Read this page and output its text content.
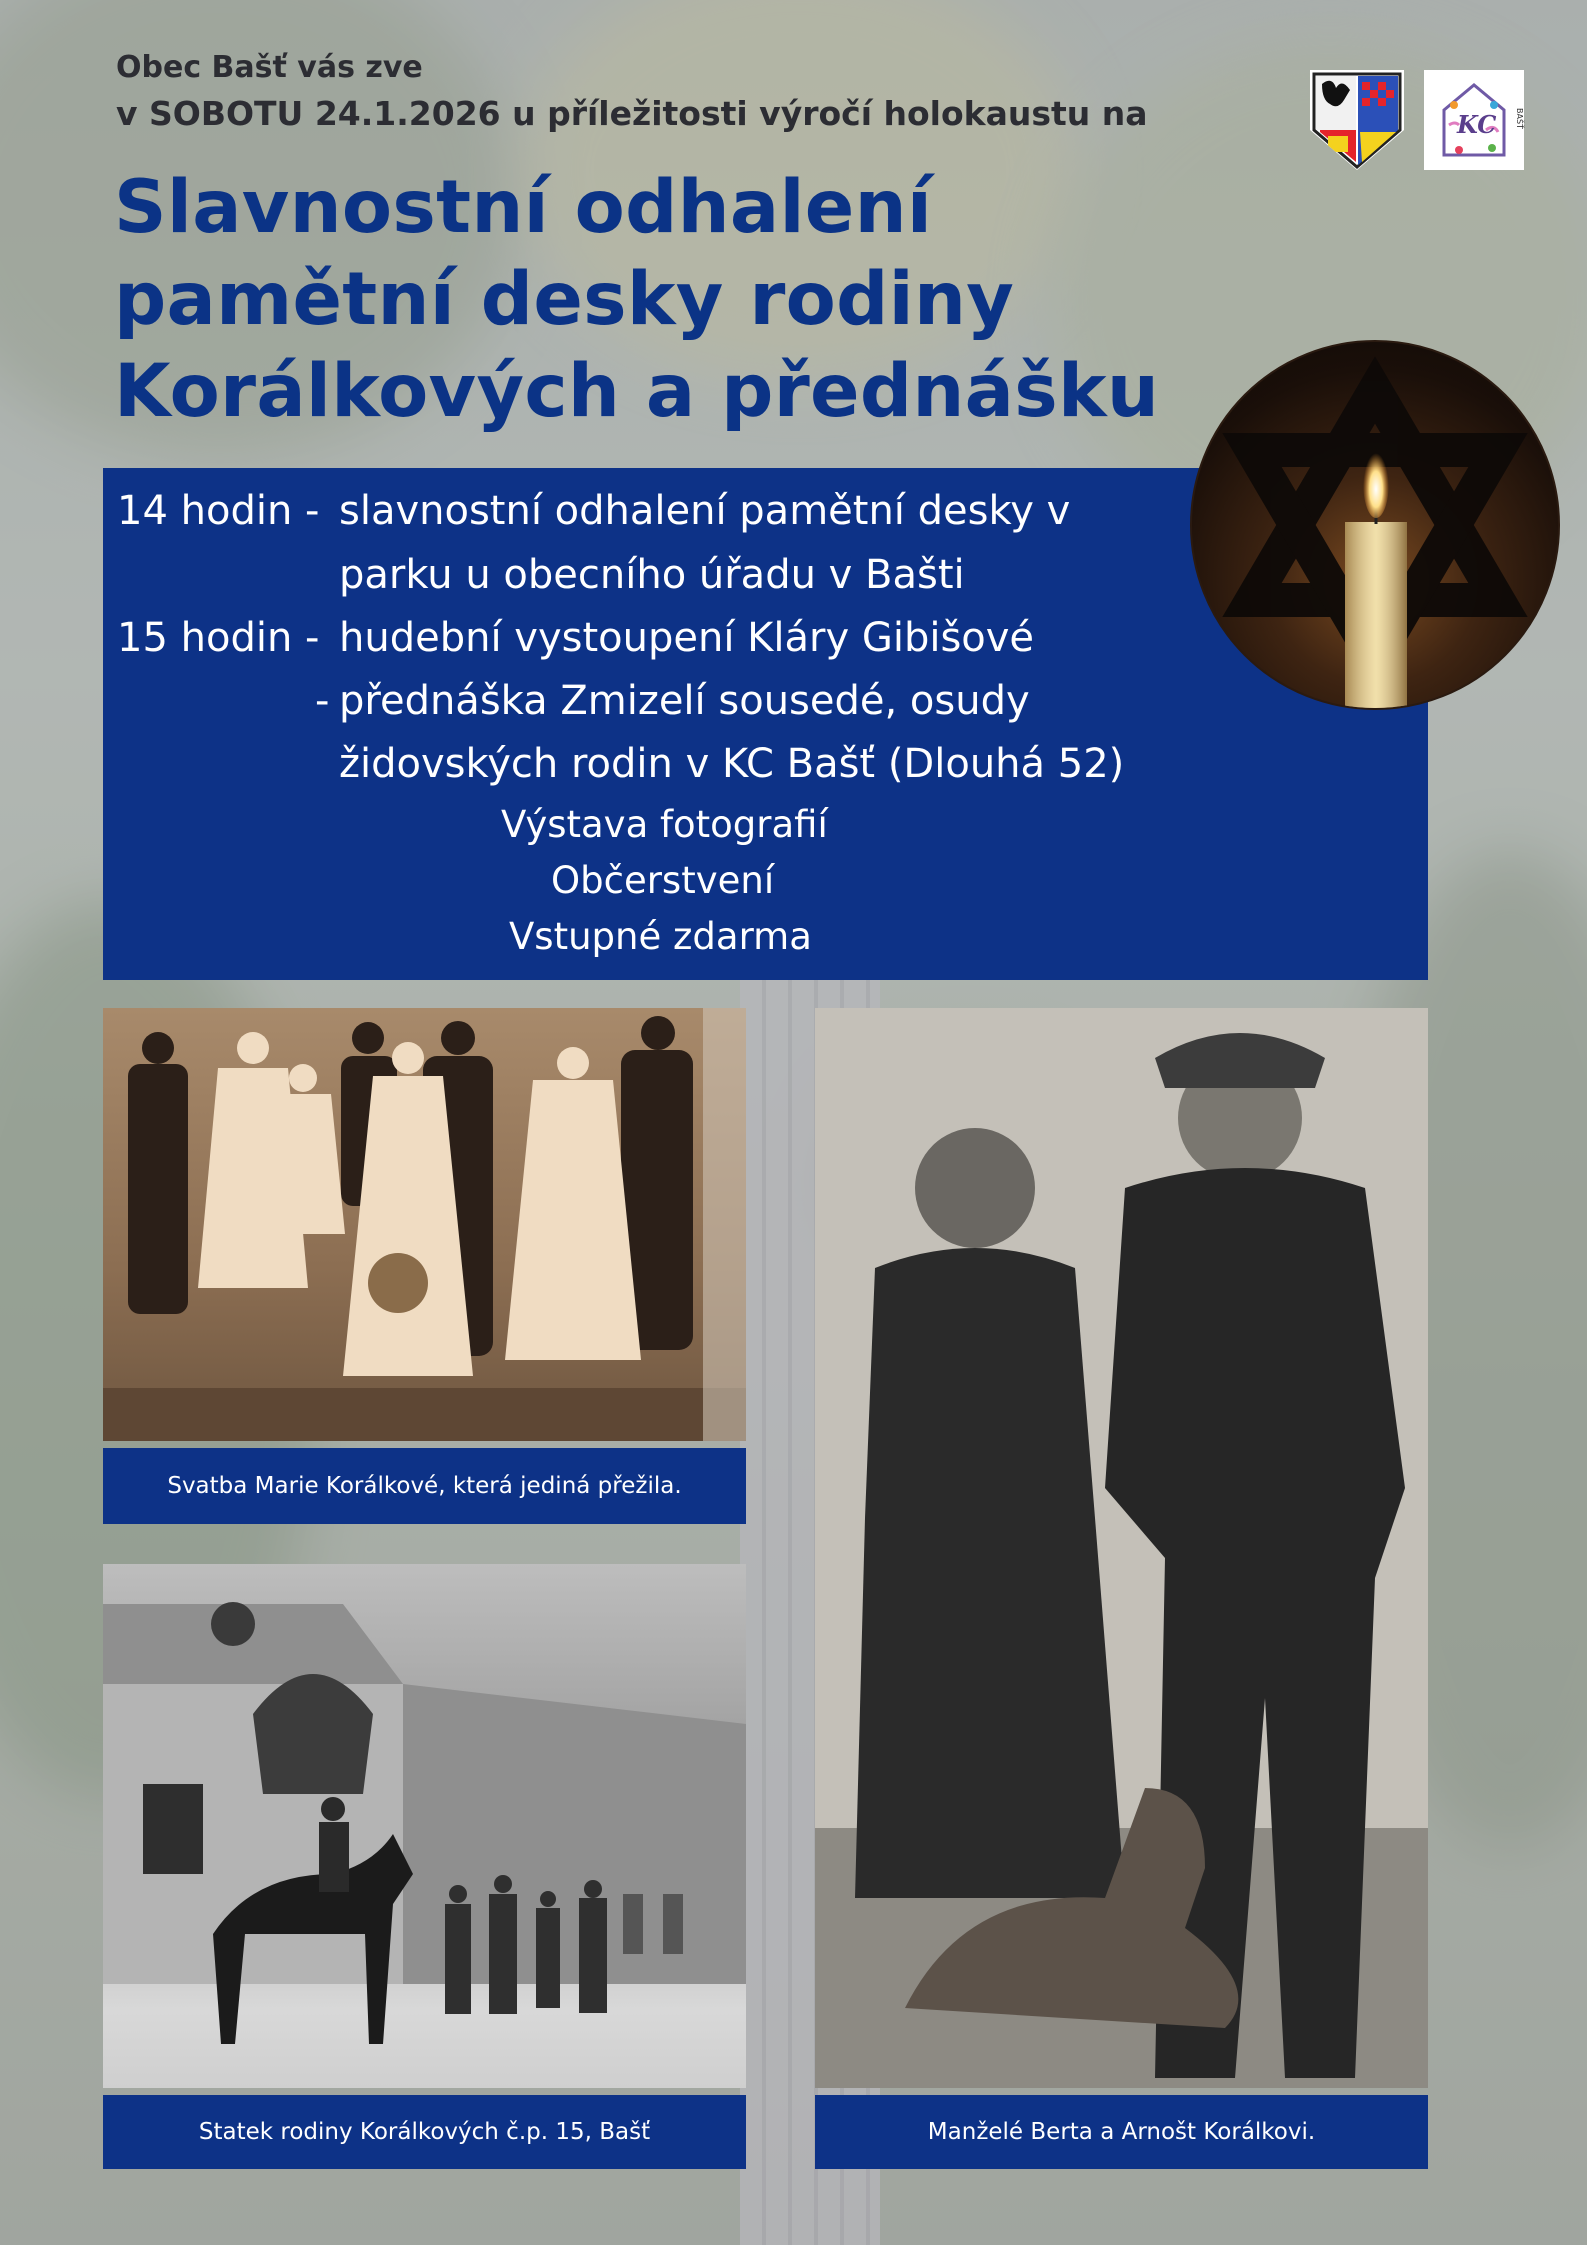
Obec Bašť vás zve
v SOBOTU 24.1.2026 u příležitosti výročí holokaustu na	KC BAŠŤ
Slavnostní odhalení
pamětní desky rodiny
Korálkových a přednášku
14 hodin - slavnostní odhalení pamětní desky v
parku u obecního úřadu v Bašti
15 hodin - hudební vystoupení Kláry Gibišové
- přednáška Zmizelí sousedé, osudy
židovských rodin v KC Bašť (Dlouhá 52)
Výstava fotografií
Občerstvení
Vstupné zdarma
Svatba Marie Korálkové, která jediná přežila.
Statek rodiny Korálkových č.p. 15, Bašť	Manželé Berta a Arnošt Korálkovi.
